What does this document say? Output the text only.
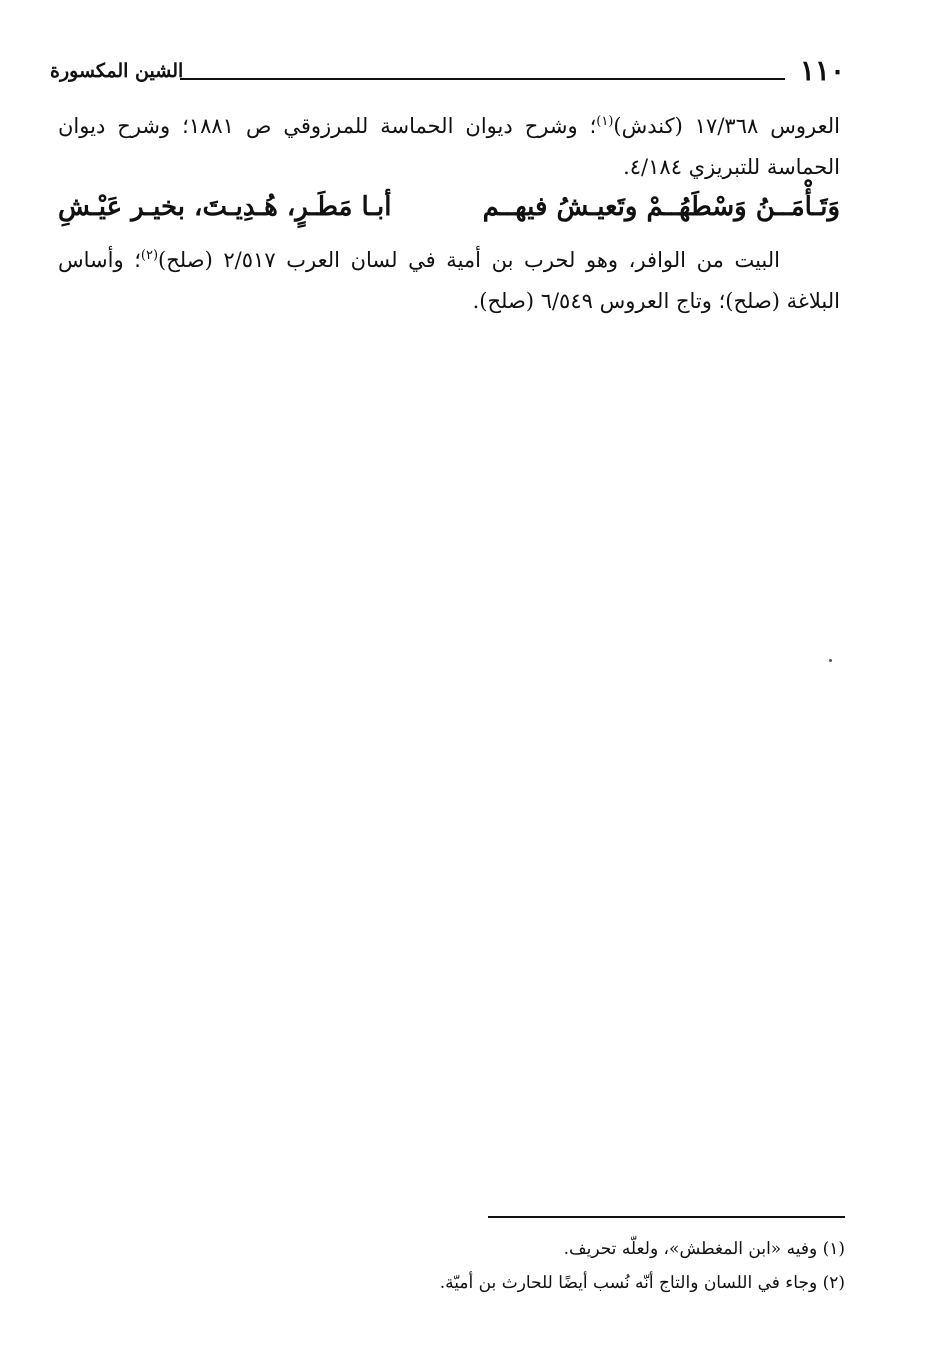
١١٠
الشين المكسورة
العروس ١٧/٣٦٨ (كندش)$^{(١)}$؛ وشرح ديوان الحماسة للمرزوقي ص ١٨٨١؛ وشرح ديوان الحماسة للتبريزي ٤/١٨٤.
وَتَـأْمَــنُ وَسْطَهُــمْ وتَعيـشُ فيهــم
أبـا مَطَـرٍ، هُـدِيـتَ، بخيـر عَيْـشِ
البيت من الوافر، وهو لحرب بن أمية في لسان العرب ٢/٥١٧ (صلح)$^{(٢)}$؛ وأساس البلاغة (صلح)؛ وتاج العروس ٦/٥٤٩ (صلح).
(١) وفيه «ابن المغطش»، ولعلّه تحريف.
(٢) وجاء في اللسان والتاج أنّه نُسب أيضًا للحارث بن أميّة.
